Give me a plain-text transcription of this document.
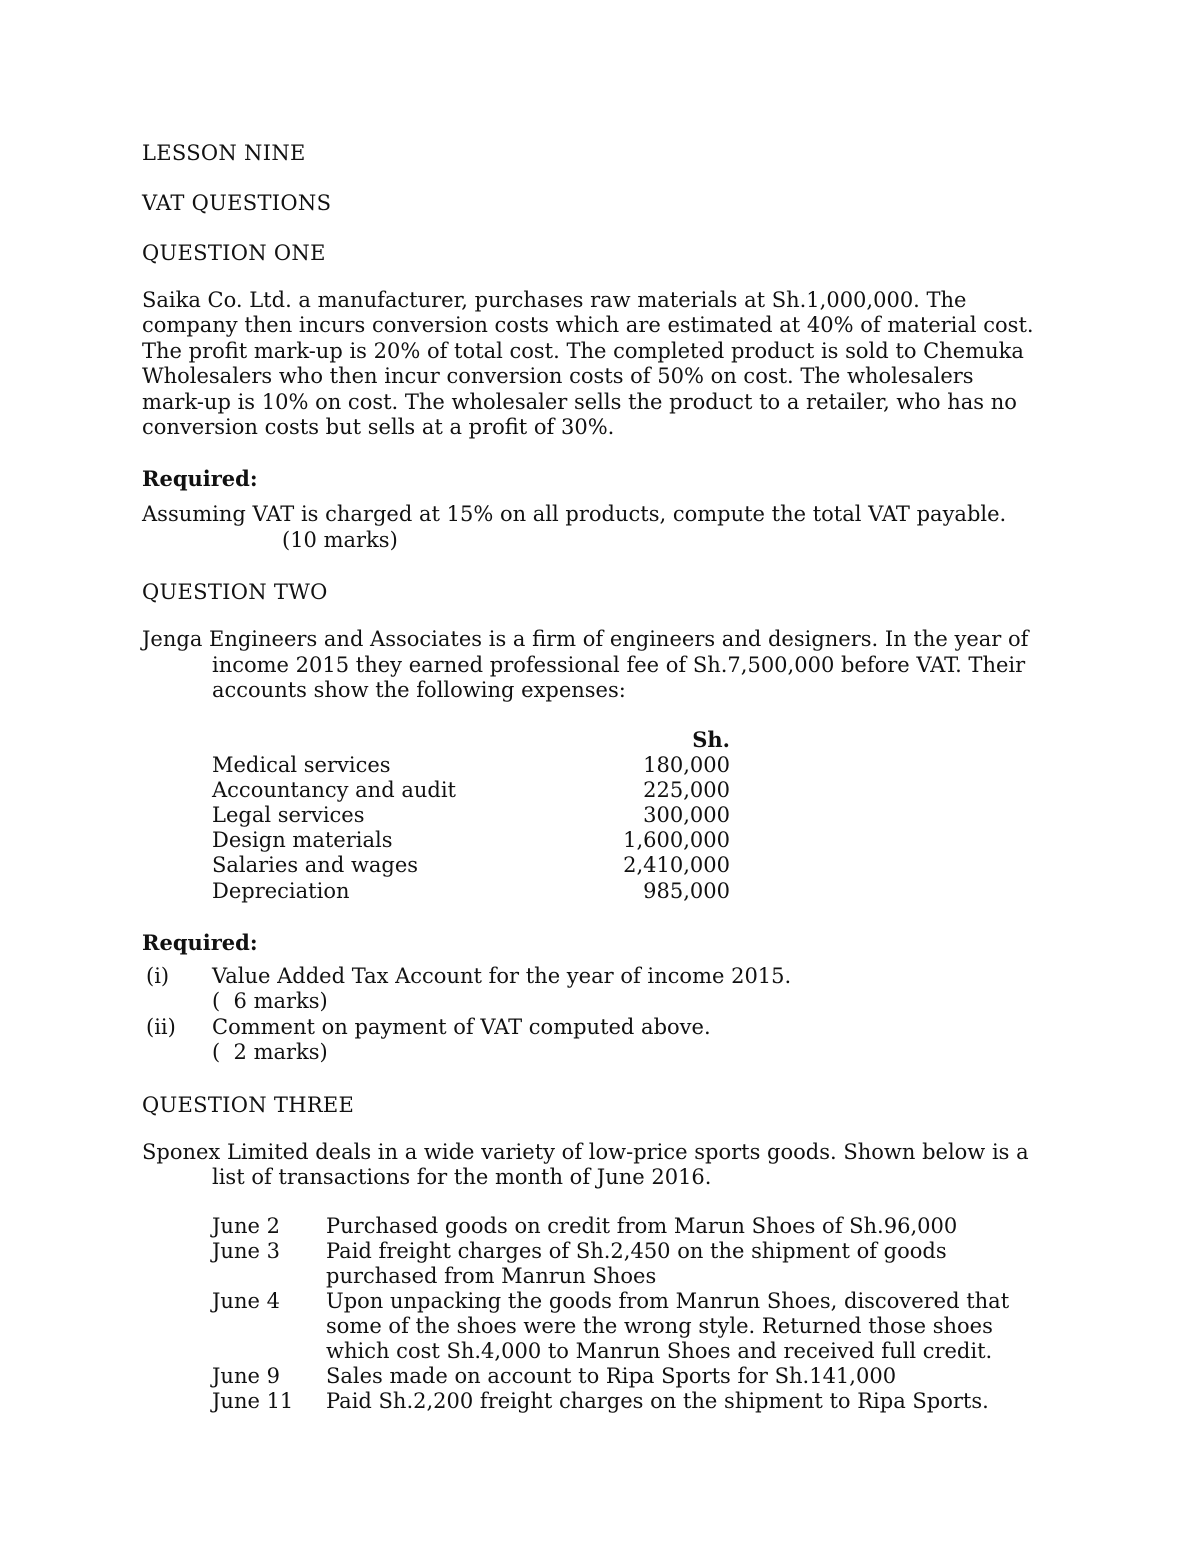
LESSON NINE
VAT QUESTIONS
QUESTION ONE
Saika Co. Ltd. a manufacturer, purchases raw materials at Sh.1,000,000. The
company then incurs conversion costs which are estimated at 40% of material cost.
The profit mark-up is 20% of total cost. The completed product is sold to Chemuka
Wholesalers who then incur conversion costs of 50% on cost. The wholesalers
mark-up is 10% on cost. The wholesaler sells the product to a retailer, who has no
conversion costs but sells at a profit of 30%.
Required:
Assuming VAT is charged at 15% on all products, compute the total VAT payable.
(10 marks)
QUESTION TWO
Jenga Engineers and Associates is a firm of engineers and designers. In the year of
income 2015 they earned professional fee of Sh.7,500,000 before VAT. Their
accounts show the following expenses:
	Sh.
Medical services	180,000
Accountancy and audit	225,000
Legal services	300,000
Design materials	1,600,000
Salaries and wages	2,410,000
Depreciation	985,000
Required:
(i)	Value Added Tax Account for the year of income 2015.
(  6 marks)
(ii)	Comment on payment of VAT computed above.
(  2 marks)
QUESTION THREE
Sponex Limited deals in a wide variety of low-price sports goods. Shown below is a
list of transactions for the month of June 2016.
June 2	Purchased goods on credit from Marun Shoes of Sh.96,000
June 3	Paid freight charges of Sh.2,450 on the shipment of goods purchased from Manrun Shoes
June 4	Upon unpacking the goods from Manrun Shoes, discovered that some of the shoes were the wrong style. Returned those shoes which cost Sh.4,000 to Manrun Shoes and received full credit.
June 9	Sales made on account to Ripa Sports for Sh.141,000
June 11	Paid Sh.2,200 freight charges on the shipment to Ripa Sports.
